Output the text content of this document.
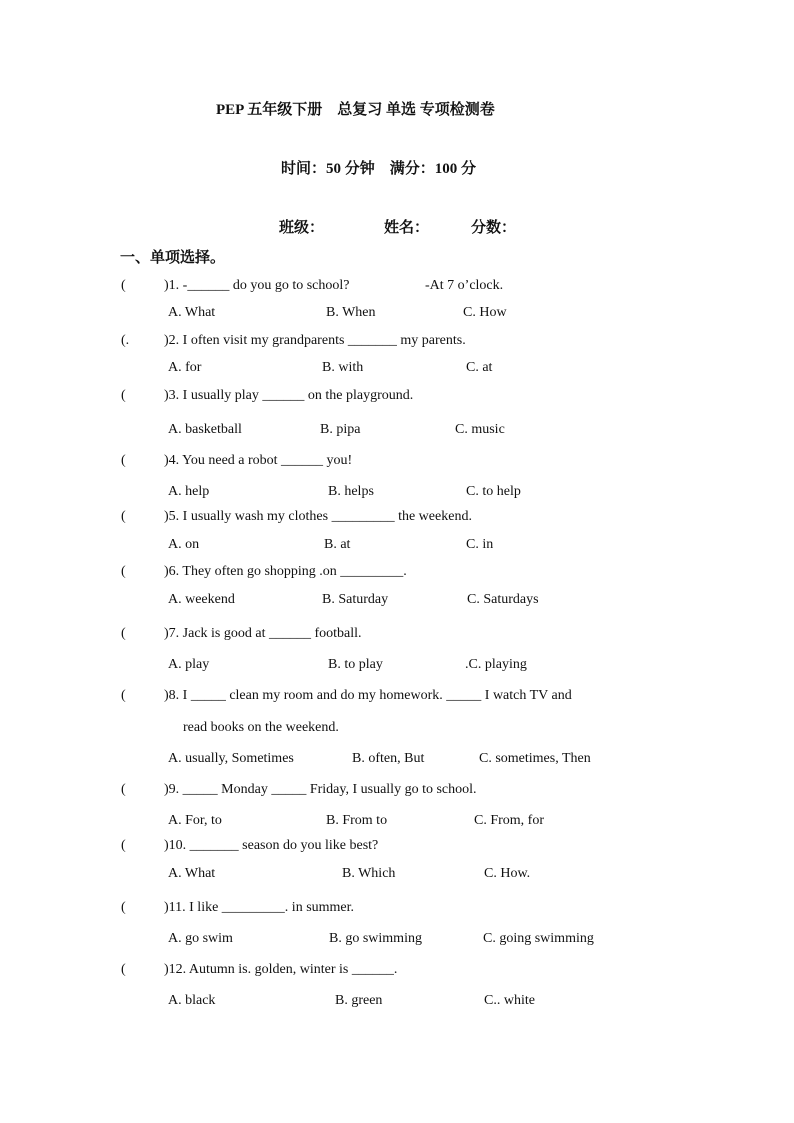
PEP 五年级下册　总复习 单选 专项检测卷
时间：50 分钟　满分：100 分
班级：	姓名：	分数：
一、单项选择。
(	)1. -______ do you go to school?	-At 7 o’clock.
A. What	B. When	C. How
(. )2. I often visit my grandparents _______ my parents.
A. for	B. with	C. at
(	)3. I usually play ______ on the playground.
A. basketball	B. pipa	C. music
(	)4. You need a robot ______ you!
A. help	B. helps	C. to help
(	)5. I usually wash my clothes _________ the weekend.
A. on	B. at	C. in
(	)6. They often go shopping .on _________.
A. weekend	B. Saturday	C. Saturdays
(	)7. Jack is good at ______ football.
A. play	B. to play	.C. playing
(	)8. I _____ clean my room and do my homework. _____ I watch TV and
read books on the weekend.
A. usually, Sometimes	B. often, But	C. sometimes, Then
(	)9. _____ Monday _____ Friday, I usually go to school.
A. For, to	B. From to	C. From, for
(	)10. _______ season do you like best?
A. What	B. Which	C. How.
(	)11. I like _________. in summer.
A. go swim	B. go swimming	C. going swimming
(	)12. Autumn is. golden, winter is ______.
A. black	B. green	C.. white
